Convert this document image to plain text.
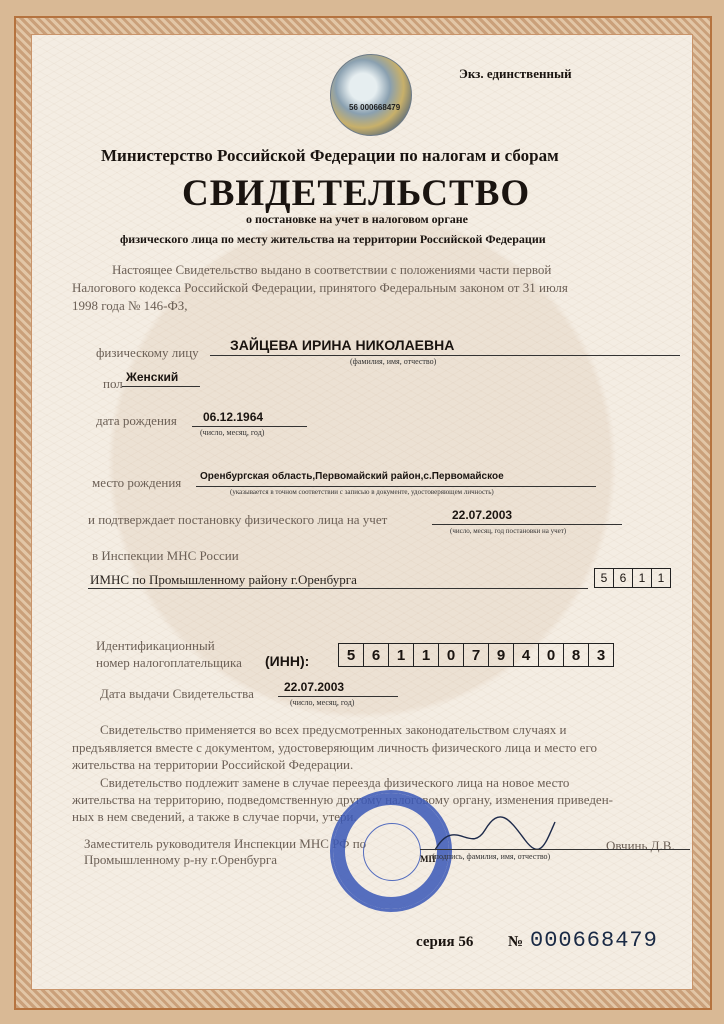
56 000668479
Экз. единственный
Министерство Российской Федерации по налогам и сборам
СВИДЕТЕЛЬСТВО
о постановке на учет в налоговом органе
физического лица по месту жительства на территории Российской Федерации
Настоящее Свидетельство выдано в соответствии с положениями части первой
Налогового кодекса Российской Федерации, принятого Федеральным законом от 31 июля
1998 года № 146-ФЗ,
физическому лицу ЗАЙЦЕВА ИРИНА НИКОЛАЕВНА
(фамилия, имя, отчество)
пол Женский
дата рождения 06.12.1964
(число, месяц, год)
место рождения Оренбургская область,Первомайский район,с.Первомайское
(указывается в точном соответствии с записью в документе, удостоверяющем личность)
и подтверждает постановку физического лица на учет	22.07.2003
(число, месяц, год постановки на учет)
в Инспекции МНС России
ИМНС по Промышленному району г.Оренбурга	5	6	1	1
Идентификационный
номер налогоплательщика (ИНН):	5	6	1	1	0	7	9	4	0	8	3
Дата выдачи Свидетельства	22.07.2003
(число, месяц, год)
Свидетельство применяется во всех предусмотренных законодательством случаях и
предъявляется вместе с документом, удостоверяющим личность физического лица и место его
жительства на территории Российской Федерации.
Свидетельство подлежит замене в случае переезда физического лица на новое место
жительства на территорию, подведомственную другому налоговому органу, изменения приведен-
ных в нем сведений, а также в случае порчи, утери.
Заместитель руководителя Инспекции МНС РФ по
Промышленному р-ну г.Оренбурга	МП
(подпись, фамилия, имя, отчество)
Овчинь Д.В.
серия 56 № 000668479
